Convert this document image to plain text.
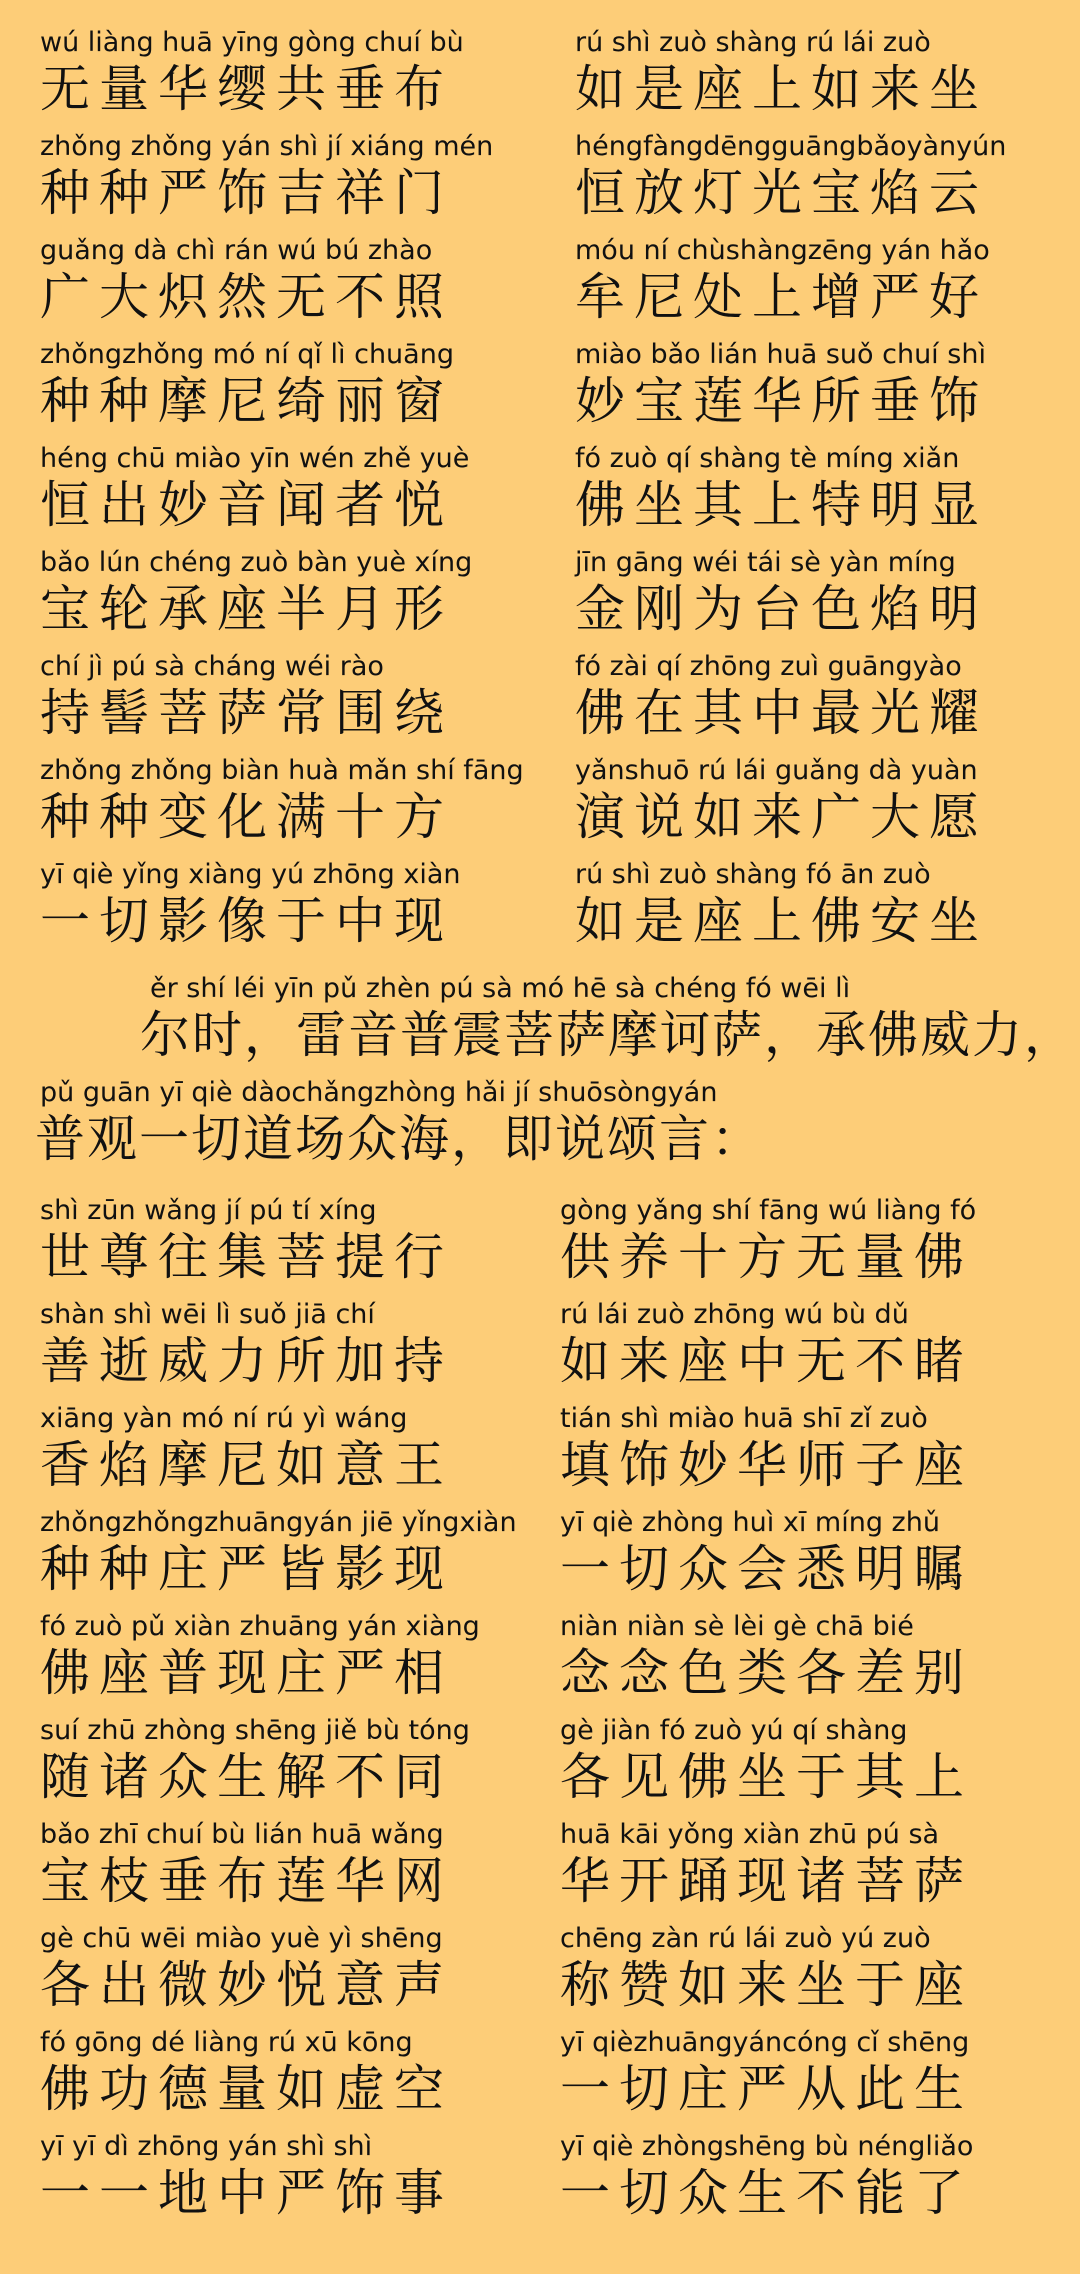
wú liàng huā yīng gòng chuí bù
无量华缨共垂布
rú shì zuò shàng rú lái zuò
如是座上如来坐
zhǒng zhǒng yán shì jí xiáng mén
种种严饰吉祥门
héngfàngdēngguāngbǎoyànyún
恒放灯光宝焰云
guǎng dà chì rán wú bú zhào
广大炽然无不照
móu ní chùshàngzēng yán hǎo
牟尼处上增严好
zhǒngzhǒng mó ní qǐ lì chuāng
种种摩尼绮丽窗
miào bǎo lián huā suǒ chuí shì
妙宝莲华所垂饰
héng chū miào yīn wén zhě yuè
恒出妙音闻者悦
fó zuò qí shàng tè míng xiǎn
佛坐其上特明显
bǎo lún chéng zuò bàn yuè xíng
宝轮承座半月形
jīn gāng wéi tái sè yàn míng
金刚为台色焰明
chí jì pú sà cháng wéi rào
持髻菩萨常围绕
fó zài qí zhōng zuì guāngyào
佛在其中最光耀
zhǒng zhǒng biàn huà mǎn shí fāng
种种变化满十方
yǎnshuō rú lái guǎng dà yuàn
演说如来广大愿
yī qiè yǐng xiàng yú zhōng xiàn
一切影像于中现
rú shì zuò shàng fó ān zuò
如是座上佛安坐
ěr shí léi yīn pǔ zhèn pú sà mó hē sà chéng fó wēi lì
尔时，雷音普震菩萨摩诃萨，承佛威力，
pǔ guān yī qiè dàochǎngzhòng hǎi jí shuōsòngyán
普观一切道场众海，即说颂言：
shì zūn wǎng jí pú tí xíng
世尊往集菩提行
gòng yǎng shí fāng wú liàng fó
供养十方无量佛
shàn shì wēi lì suǒ jiā chí
善逝威力所加持
rú lái zuò zhōng wú bù dǔ
如来座中无不睹
xiāng yàn mó ní rú yì wáng
香焰摩尼如意王
tián shì miào huā shī zǐ zuò
填饰妙华师子座
zhǒngzhǒngzhuāngyán jiē yǐngxiàn
种种庄严皆影现
yī qiè zhòng huì xī míng zhǔ
一切众会悉明瞩
fó zuò pǔ xiàn zhuāng yán xiàng
佛座普现庄严相
niàn niàn sè lèi gè chā bié
念念色类各差别
suí zhū zhòng shēng jiě bù tóng
随诸众生解不同
gè jiàn fó zuò yú qí shàng
各见佛坐于其上
bǎo zhī chuí bù lián huā wǎng
宝枝垂布莲华网
huā kāi yǒng xiàn zhū pú sà
华开踊现诸菩萨
gè chū wēi miào yuè yì shēng
各出微妙悦意声
chēng zàn rú lái zuò yú zuò
称赞如来坐于座
fó gōng dé liàng rú xū kōng
佛功德量如虚空
yī qièzhuāngyáncóng cǐ shēng
一切庄严从此生
yī yī dì zhōng yán shì shì
一一地中严饰事
yī qiè zhòngshēng bù néngliǎo
一切众生不能了
